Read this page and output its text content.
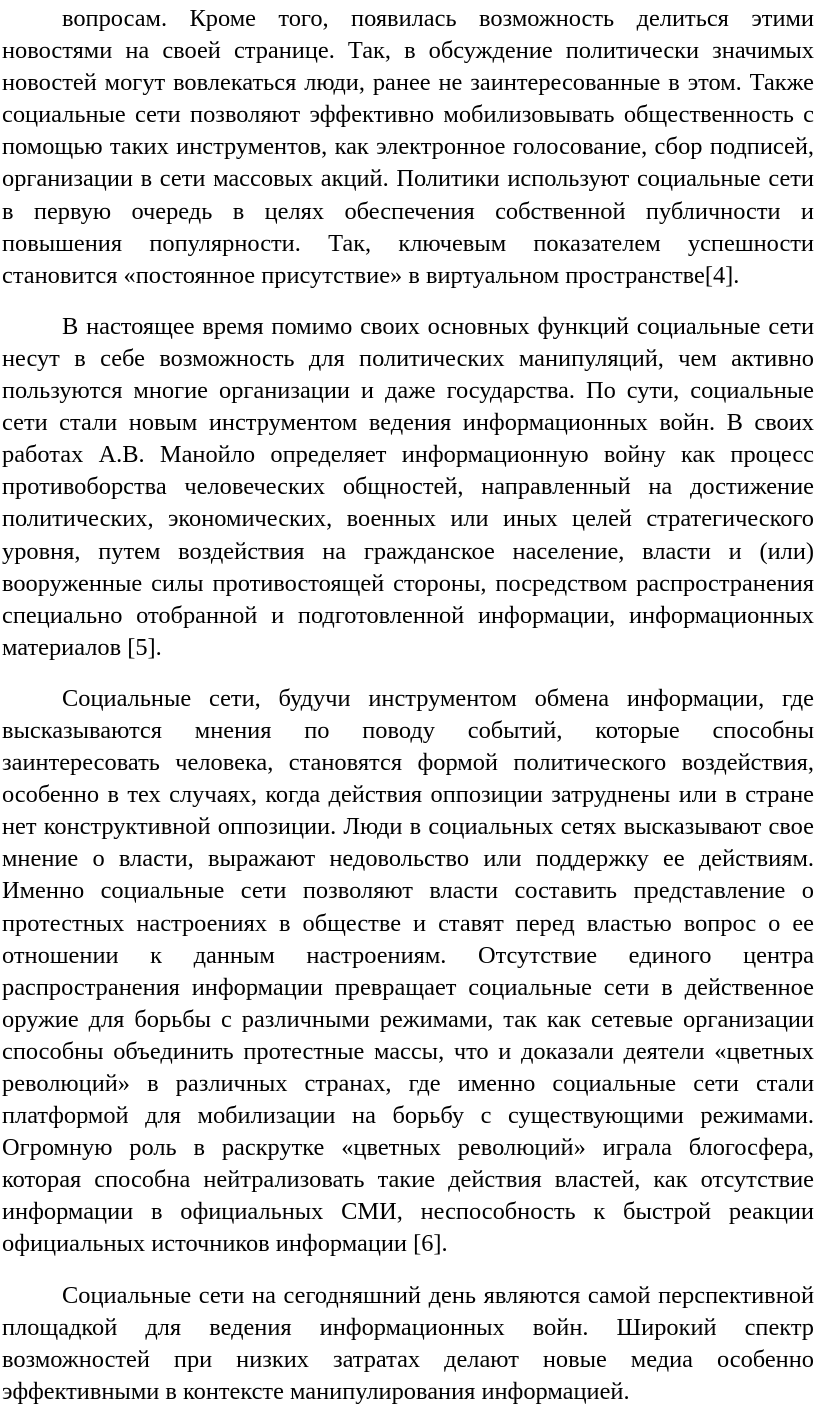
вопросам. Кроме того, появилась возможность делиться этими новостями на своей странице. Так, в обсуждение политически значимых новостей могут вовлекаться люди, ранее не заинтересованные в этом. Также социальные сети позволяют эффективно мобилизовывать общественность с помощью таких инструментов, как электронное голосование, сбор подписей, организации в сети массовых акций. Политики используют социальные сети в первую очередь в целях обеспечения собственной публичности и повышения популярности. Так, ключевым показателем успешности становится «постоянное присутствие» в виртуальном пространстве[4].

В настоящее время помимо своих основных функций социальные сети несут в себе возможность для политических манипуляций, чем активно пользуются многие организации и даже государства. По сути, социальные сети стали новым инструментом ведения информационных войн. В своих работах А.В. Манойло определяет информационную войну как процесс противоборства человеческих общностей, направленный на достижение политических, экономических, военных или иных целей стратегического уровня, путем воздействия на гражданское население, власти и (или) вооруженные силы противостоящей стороны, посредством распространения специально отобранной и подготовленной информации, информационных материалов [5].

Социальные сети, будучи инструментом обмена информации, где высказываются мнения по поводу событий, которые способны заинтересовать человека, становятся формой политического воздействия, особенно в тех случаях, когда действия оппозиции затруднены или в стране нет конструктивной оппозиции. Люди в социальных сетях высказывают свое мнение о власти, выражают недовольство или поддержку ее действиям. Именно социальные сети позволяют власти составить представление о протестных настроениях в обществе и ставят перед властью вопрос о ее отношении к данным настроениям. Отсутствие единого центра распространения информации превращает социальные сети в действенное оружие для борьбы с различными режимами, так как сетевые организации способны объединить протестные массы, что и доказали деятели «цветных революций» в различных странах, где именно социальные сети стали платформой для мобилизации на борьбу с существующими режимами. Огромную роль в раскрутке «цветных революций» играла блогосфера, которая способна нейтрализовать такие действия властей, как отсутствие информации в официальных СМИ, неспособность к быстрой реакции официальных источников информации [6].

Социальные сети на сегодняшний день являются самой перспективной площадкой для ведения информационных войн. Широкий спектр возможностей при низких затратах делают новые медиа особенно эффективными в контексте манипулирования информацией.
